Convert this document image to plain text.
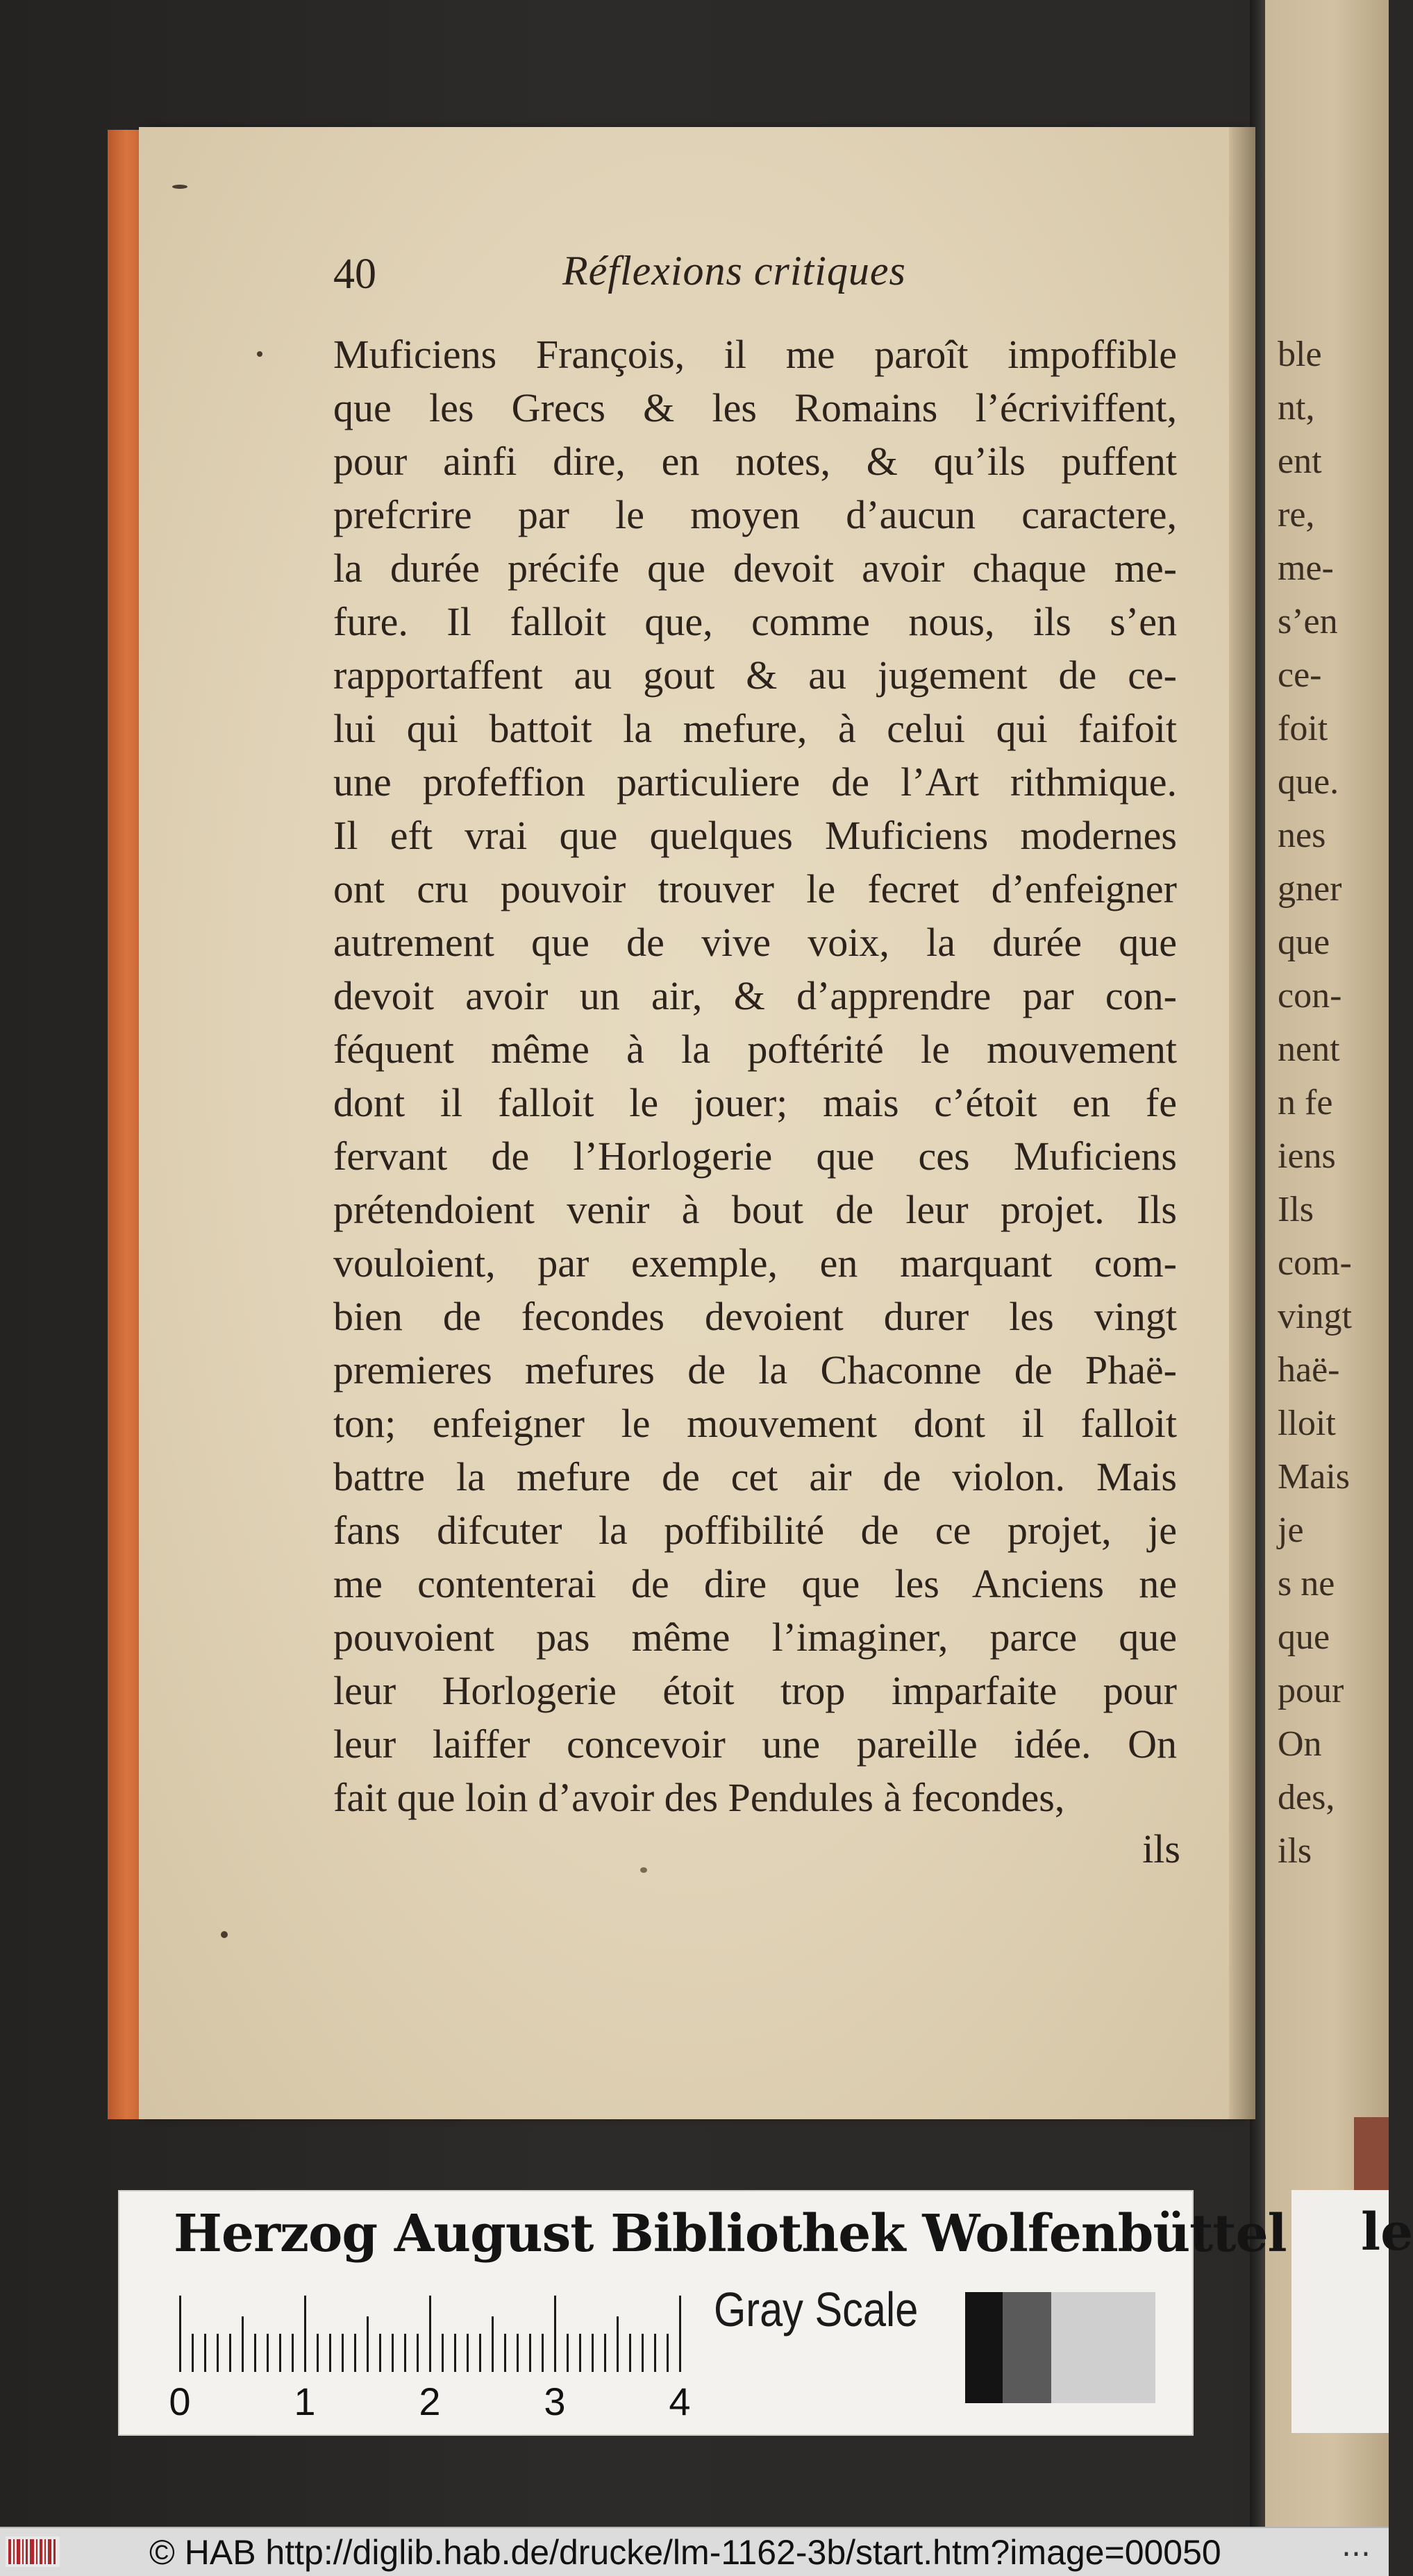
ble
nt,
ent
re,
me-
s’en
ce-
foit
que.
nes
gner
que
con-
nent
n fe
iens
Ils
com-
vingt
haë-
lloit
Mais
je
s ne
que
pour
On
des,
ils
40	Réflexions critiques
Muficiens François, il me paroît impoffible
que les Grecs & les Romains l’écriviffent,
pour ainfi dire, en notes, & qu’ils puffent
prefcrire par le moyen d’aucun caractere,
la durée précife que devoit avoir chaque me-
fure. Il falloit que, comme nous, ils s’en
rapportaffent au gout & au jugement de ce-
lui qui battoit la mefure, à celui qui faifoit
une profeffion particuliere de l’Art rithmique.
Il eft vrai que quelques Muficiens modernes
ont cru pouvoir trouver le fecret d’enfeigner
autrement que de vive voix, la durée que
devoit avoir un air, & d’apprendre par con-
féquent même à la poftérité le mouvement
dont il falloit le jouer; mais c’étoit en fe
fervant de l’Horlogerie que ces Muficiens
prétendoient venir à bout de leur projet. Ils
vouloient, par exemple, en marquant com-
bien de fecondes devoient durer les vingt
premieres mefures de la Chaconne de Phaë-
ton; enfeigner le mouvement dont il falloit
battre la mefure de cet air de violon. Mais
fans difcuter la poffibilité de ce projet, je
me contenterai de dire que les Anciens ne
pouvoient pas même l’imaginer, parce que
leur Horlogerie étoit trop imparfaite pour
leur laiffer concevoir une pareille idée. On
fait que loin d’avoir des Pendules à fecondes,
ils
Herzog August Bibliothek Wolfenbüttel
0	1	2	3	4
Gray Scale
le
© HAB http://diglib.hab.de/drucke/lm-1162-3b/start.htm?image=00050	...
